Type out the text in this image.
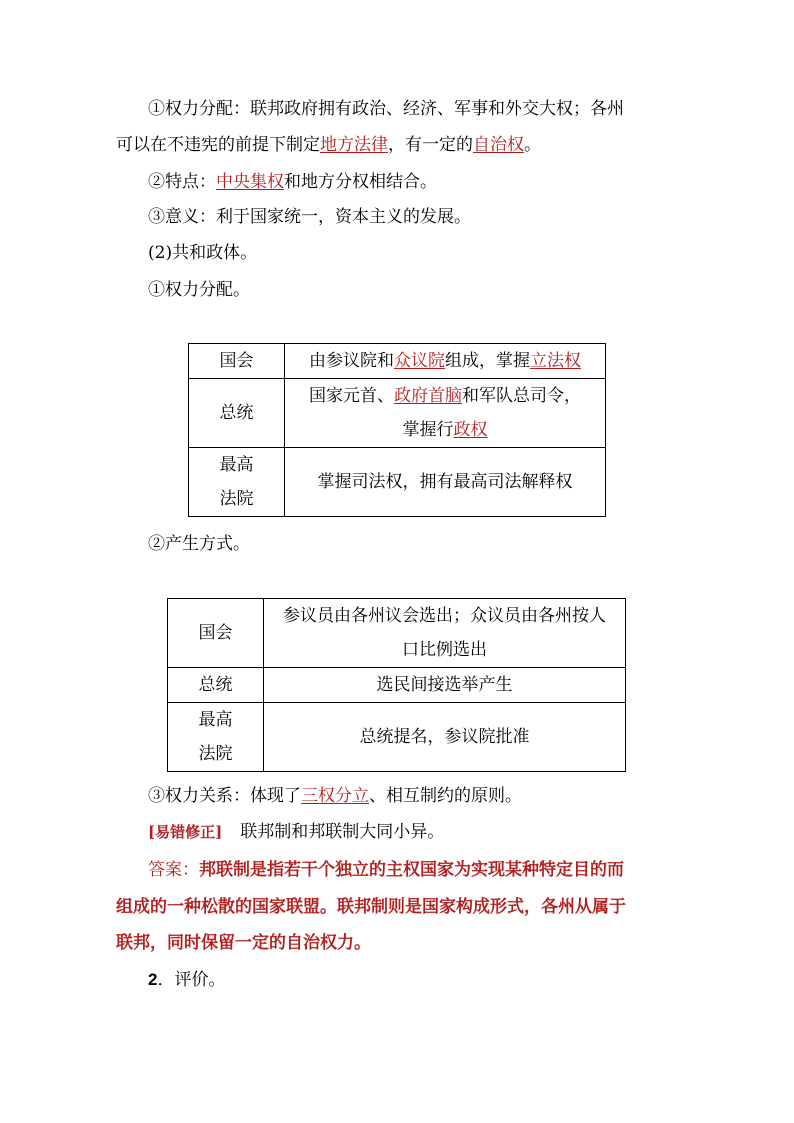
①权力分配：联邦政府拥有政治、经济、军事和外交大权；各州
可以在不违宪的前提下制定地方法律，有一定的自治权。
②特点：中央集权和地方分权相结合。
③意义：利于国家统一，资本主义的发展。
(2)共和政体。
①权力分配。
国会	由参议院和众议院组成，掌握立法权
总统	国家元首、政府首脑和军队总司令，
掌握行政权

最高
法院	掌握司法权，拥有最高司法解释权
②产生方式。
国会	参议员由各州议会选出；众议员由各州按人
口比例选出

总统	选民间接选举产生

最高
法院	总统提名，参议院批准
③权力关系：体现了三权分立、相互制约的原则。
[易错修正] 联邦制和邦联制大同小异。
答案：邦联制是指若干个独立的主权国家为实现某种特定目的而
组成的一种松散的国家联盟。联邦制则是国家构成形式，各州从属于
联邦，同时保留一定的自治权力。
2．评价。
